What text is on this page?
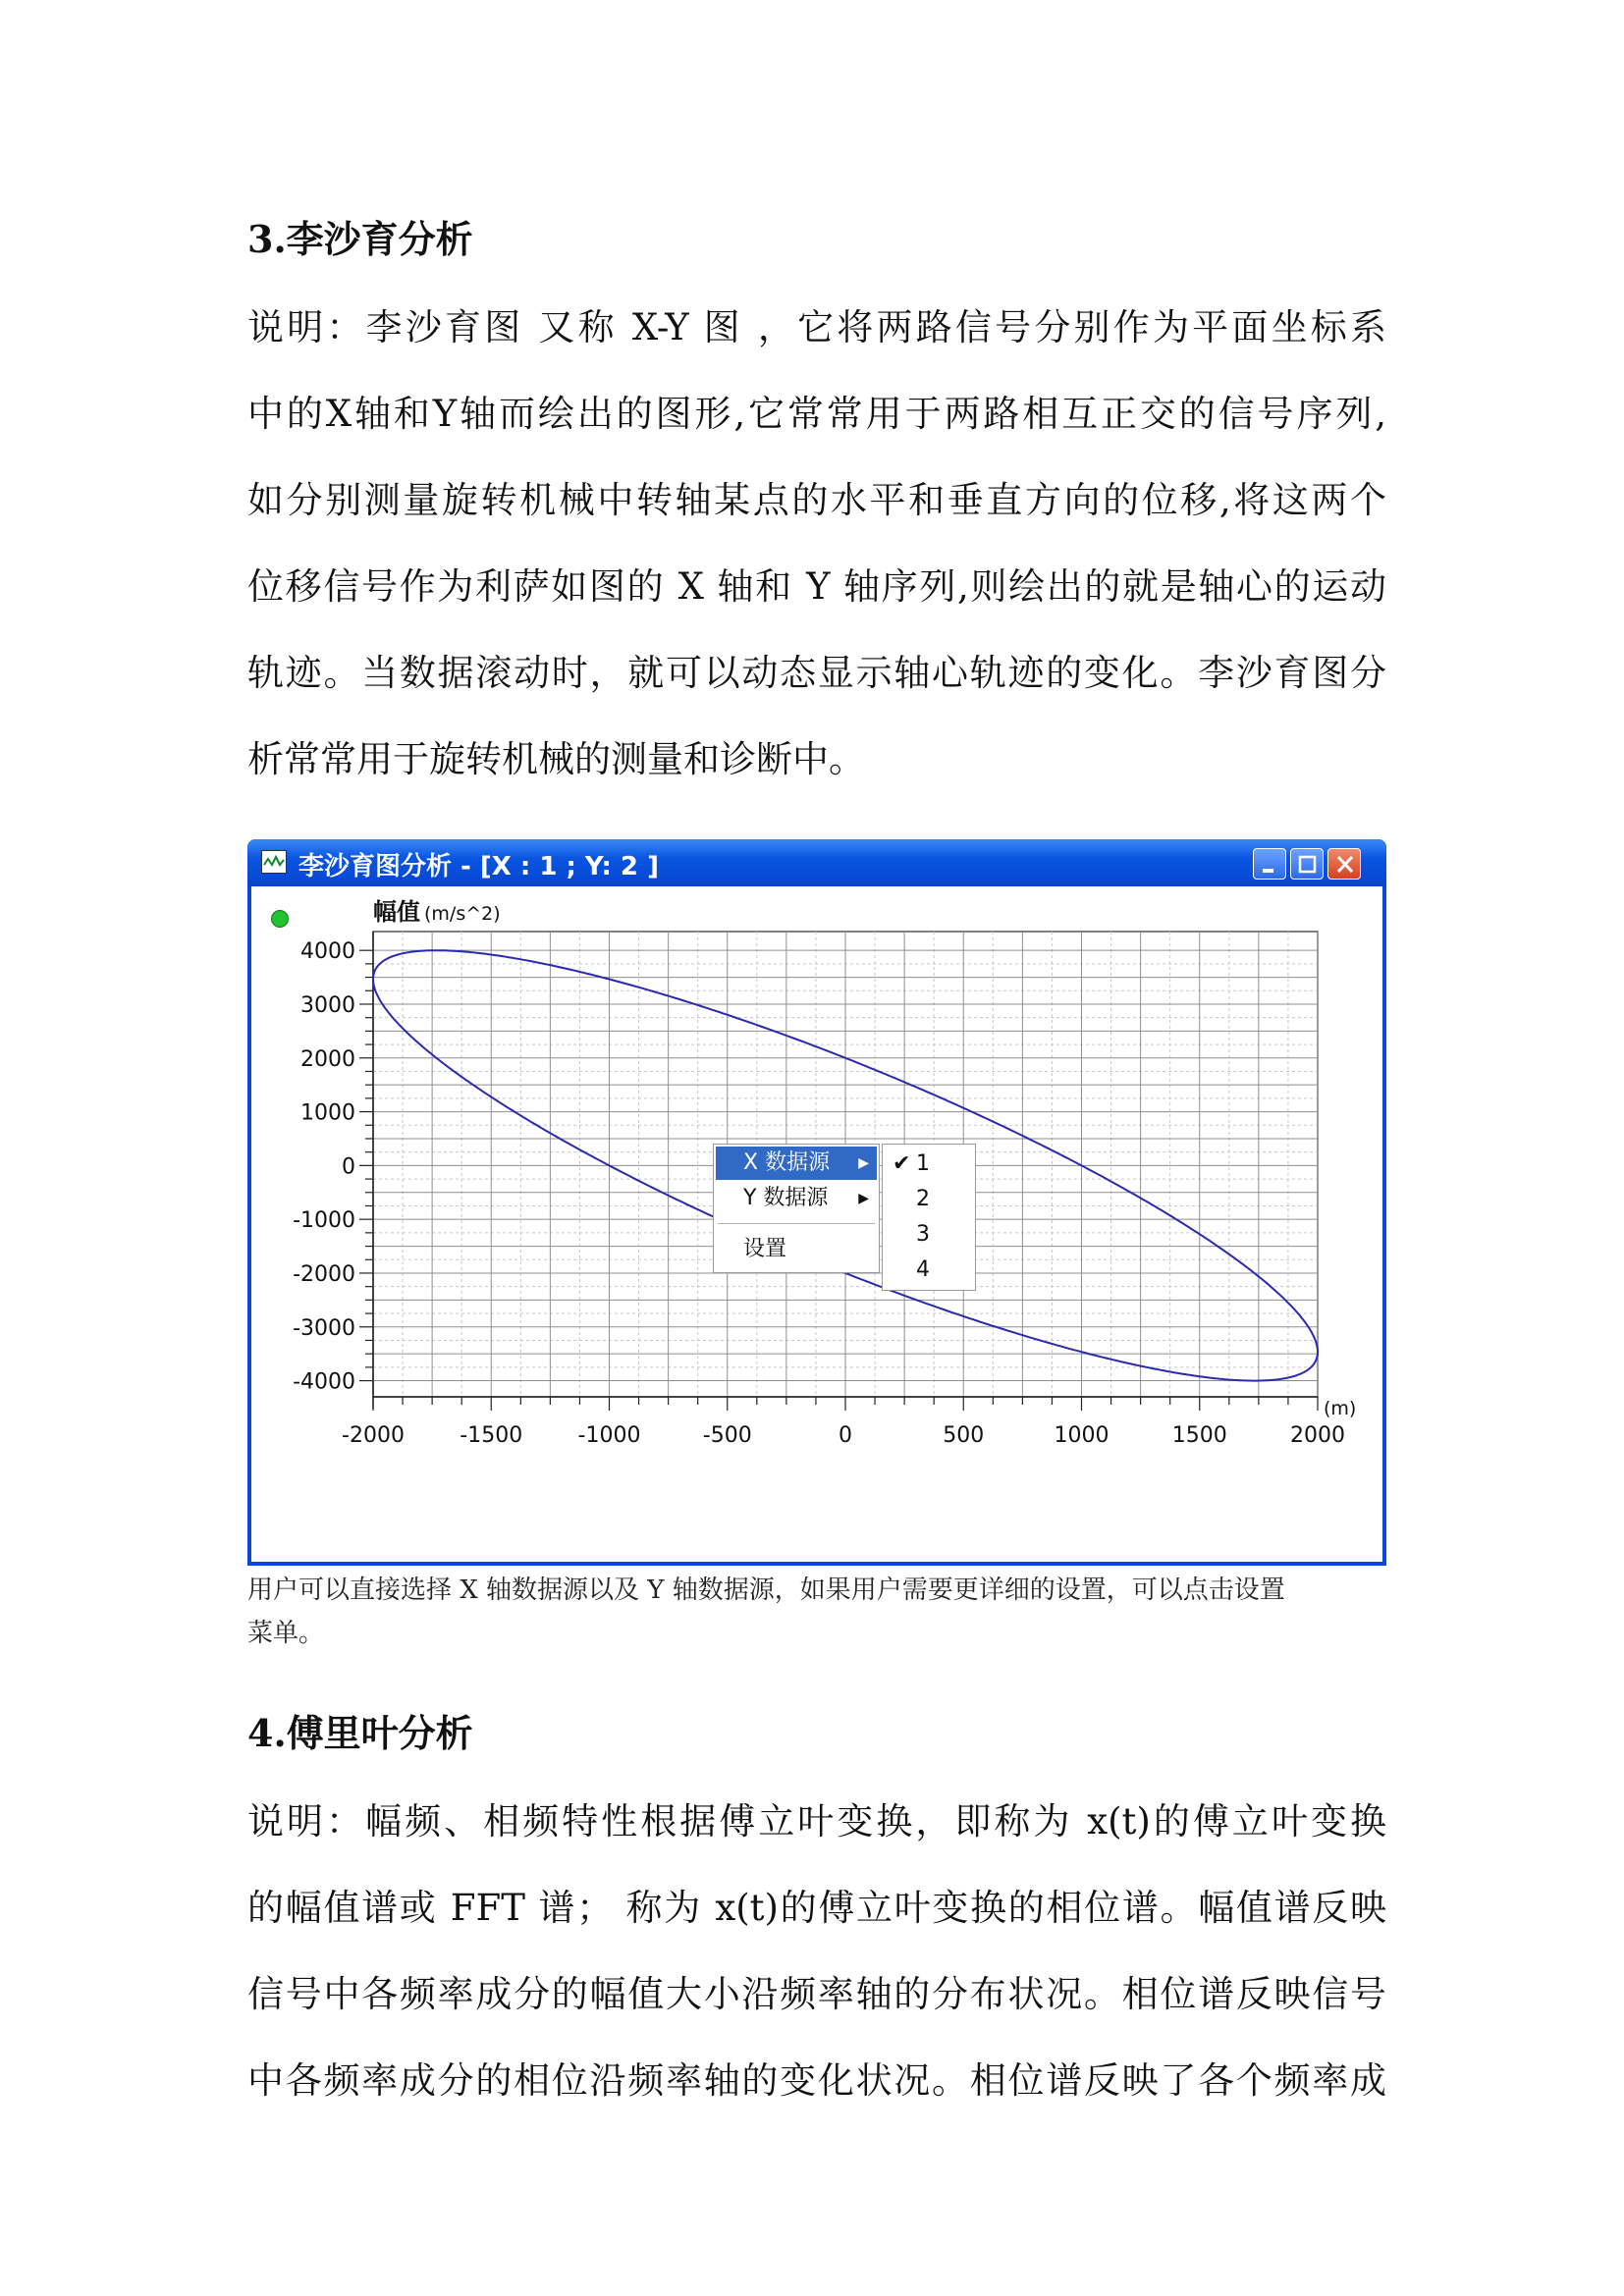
3.李沙育分析
说明：李沙育图 又称 X-Y 图 ，它将两路信号分别作为平面坐标系
中的X轴和Y轴而绘出的图形,它常常用于两路相互正交的信号序列,
如分别测量旋转机械中转轴某点的水平和垂直方向的位移,将这两个
位移信号作为利萨如图的 X 轴和 Y 轴序列,则绘出的就是轴心的运动
轨迹。当数据滚动时，就可以动态显示轴心轨迹的变化。李沙育图分
析常常用于旋转机械的测量和诊断中。
李沙育图分析 - [X : 1 ; Y: 2 ]
-2000	-1500	-1000	-500	0	500	1000	1500	2000
4000
3000
2000
1000
0
-1000
-2000
-3000
-4000
幅值 (m/s^2)
(m)
X 数据源 ▶
Y 数据源 ▶
设置
✔ 1
2
3
4
用户可以直接选择 X 轴数据源以及 Y 轴数据源，如果用户需要更详细的设置，可以点击设置
菜单。
4.傅里叶分析
说明：幅频、相频特性根据傅立叶变换，即称为 x(t)的傅立叶变换
的幅值谱或 FFT 谱； 称为 x(t)的傅立叶变换的相位谱。幅值谱反映
信号中各频率成分的幅值大小沿频率轴的分布状况。相位谱反映信号
中各频率成分的相位沿频率轴的变化状况。相位谱反映了各个频率成
